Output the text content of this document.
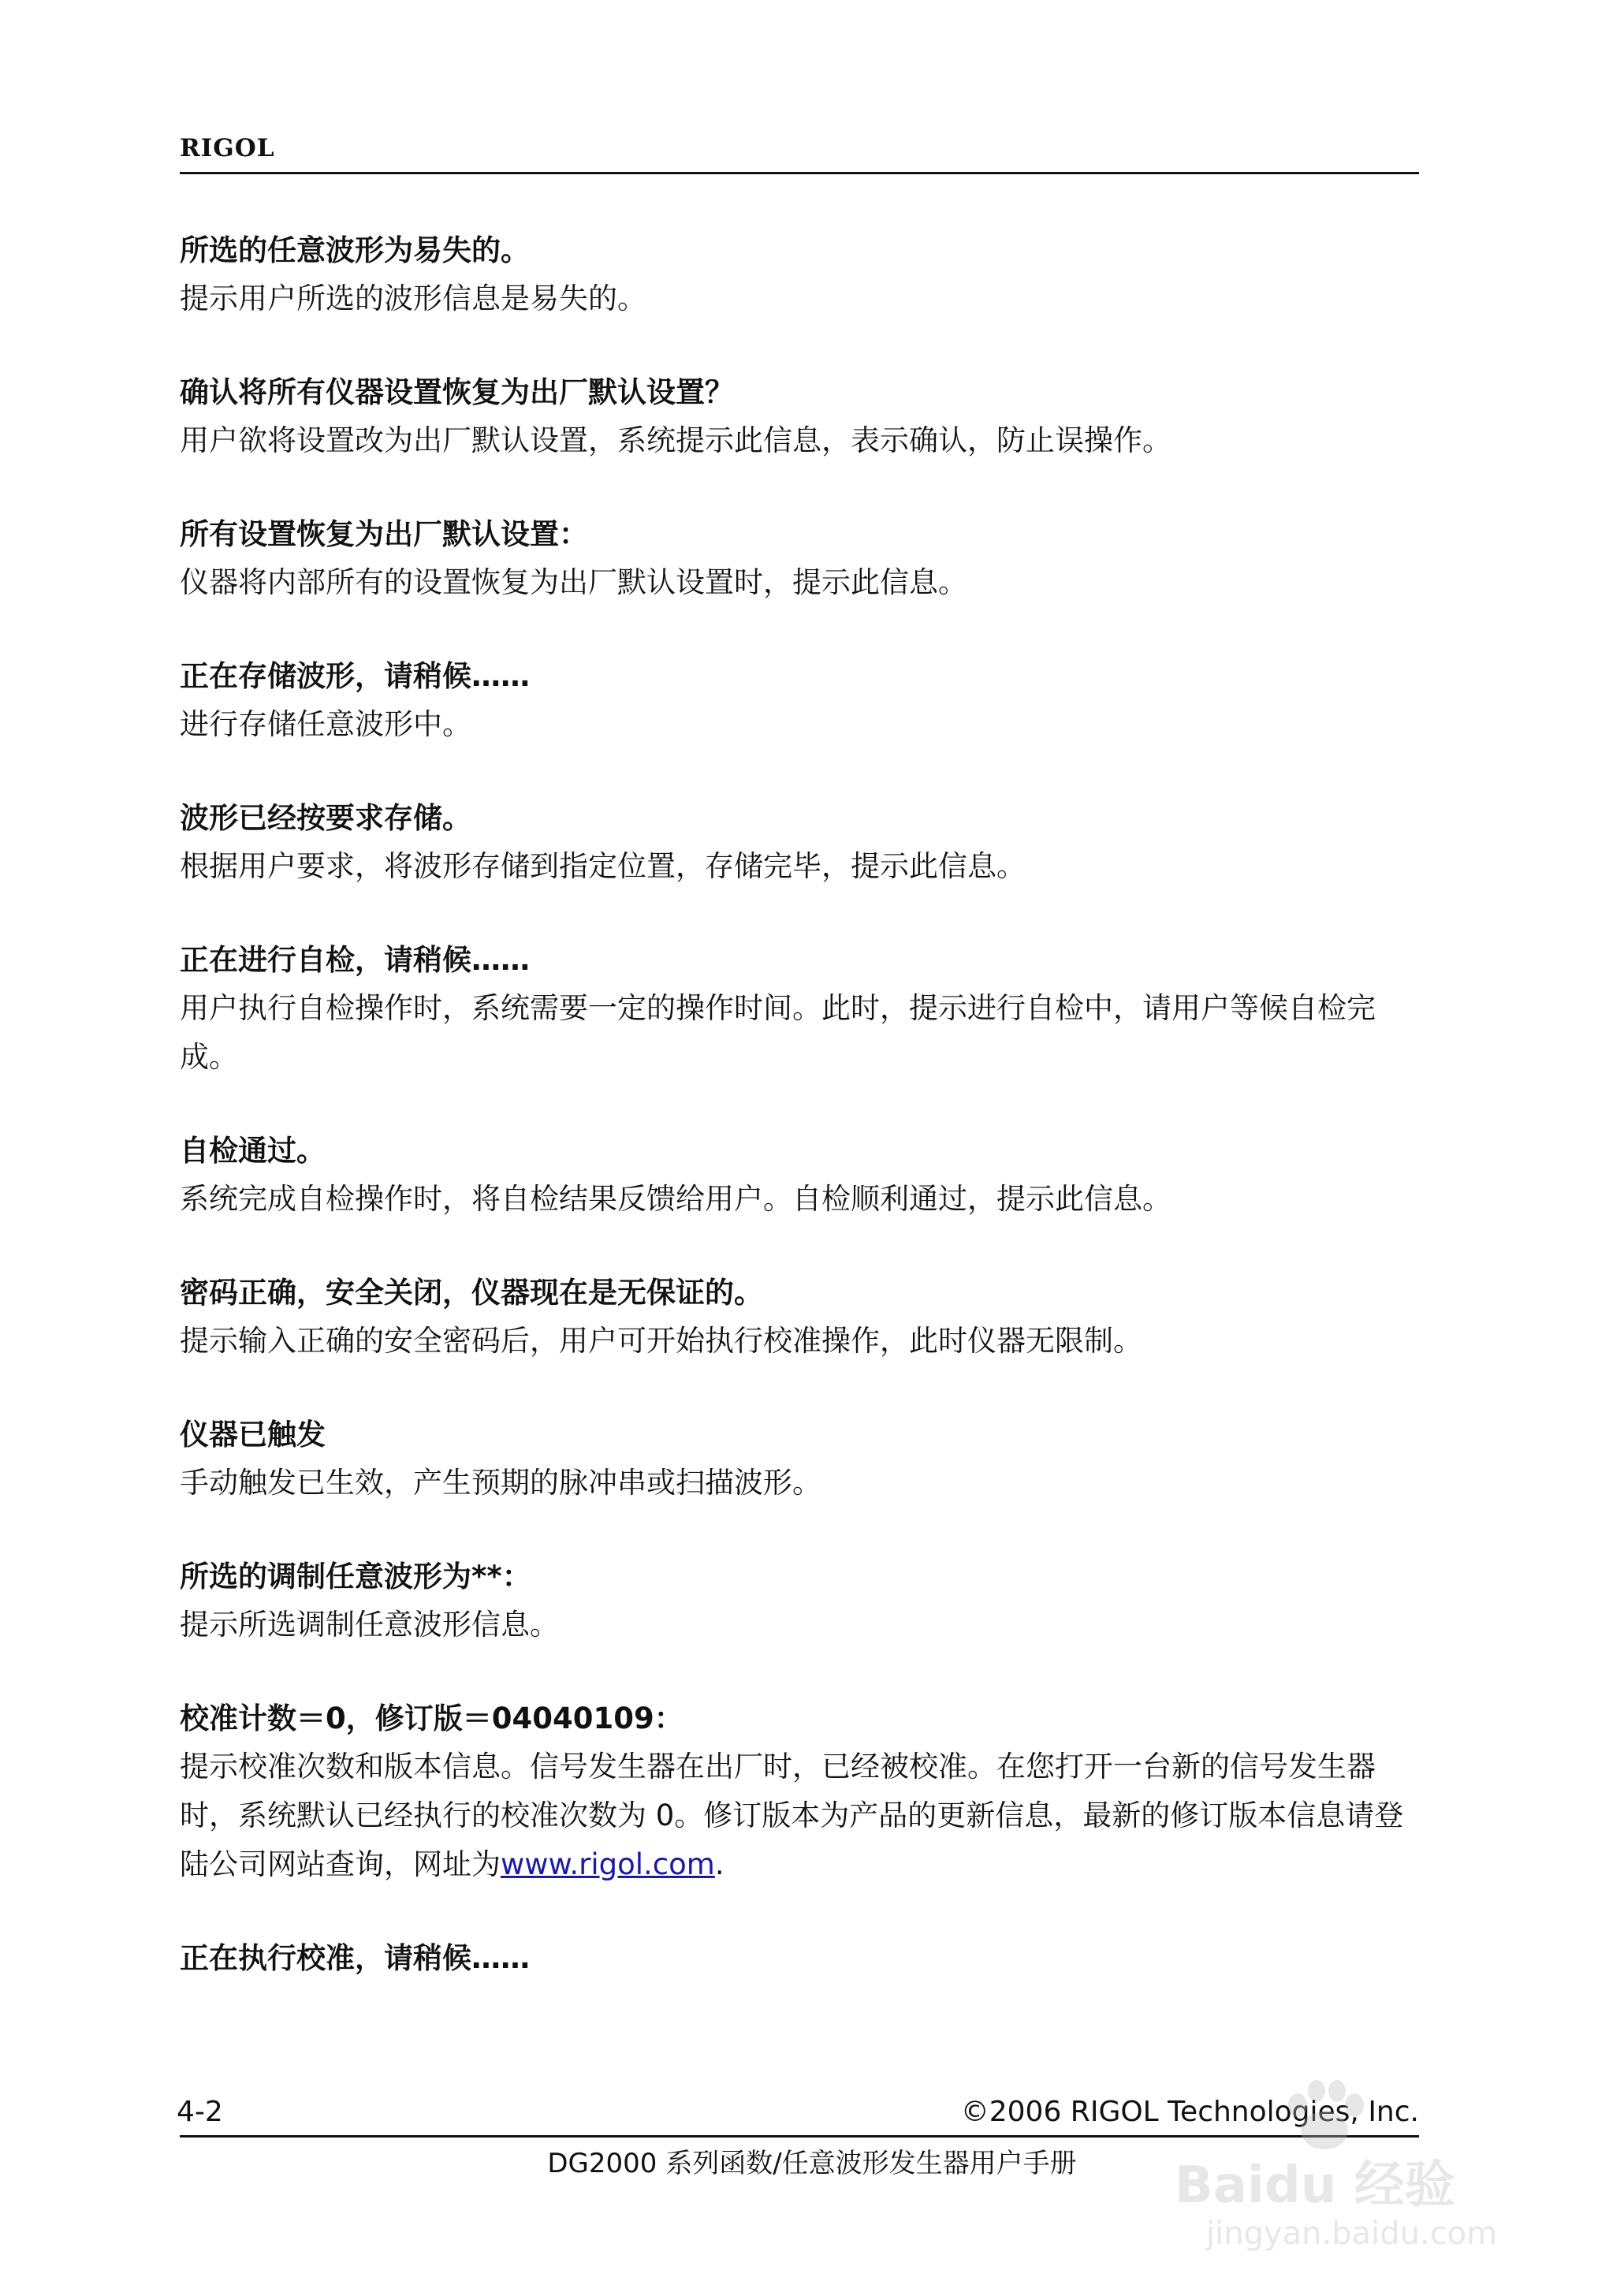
RIGOL

所选的任意波形为易失的。

提示用户所选的波形信息是易失的。

确认将所有仪器设置恢复为出厂默认设置？

用户欲将设置改为出厂默认设置，系统提示此信息，表示确认，防止误操作。

所有设置恢复为出厂默认设置：

仪器将内部所有的设置恢复为出厂默认设置时，提示此信息。

正在存储波形，请稍候……

进行存储任意波形中。

波形已经按要求存储。

根据用户要求，将波形存储到指定位置，存储完毕，提示此信息。

正在进行自检，请稍候……

用户执行自检操作时，系统需要一定的操作时间。此时，提示进行自检中，请用户等候自检完成。

自检通过。

系统完成自检操作时，将自检结果反馈给用户。自检顺利通过，提示此信息。

密码正确，安全关闭，仪器现在是无保证的。

提示输入正确的安全密码后，用户可开始执行校准操作，此时仪器无限制。

仪器已触发

手动触发已生效，产生预期的脉冲串或扫描波形。

所选的调制任意波形为**：

提示所选调制任意波形信息。

校准计数＝0，修订版＝04040109：

提示校准次数和版本信息。信号发生器在出厂时，已经被校准。在您打开一台新的信号发生器时，系统默认已经执行的校准次数为 0。修订版本为产品的更新信息，最新的修订版本信息请登陆公司网站查询，网址为www.rigol.com.

正在执行校准，请稍候……

4-2	©2006 RIGOL Technologies, Inc.
DG2000 系列函数/任意波形发生器用户手册	Baidu 经验
jingyan.baidu.com
